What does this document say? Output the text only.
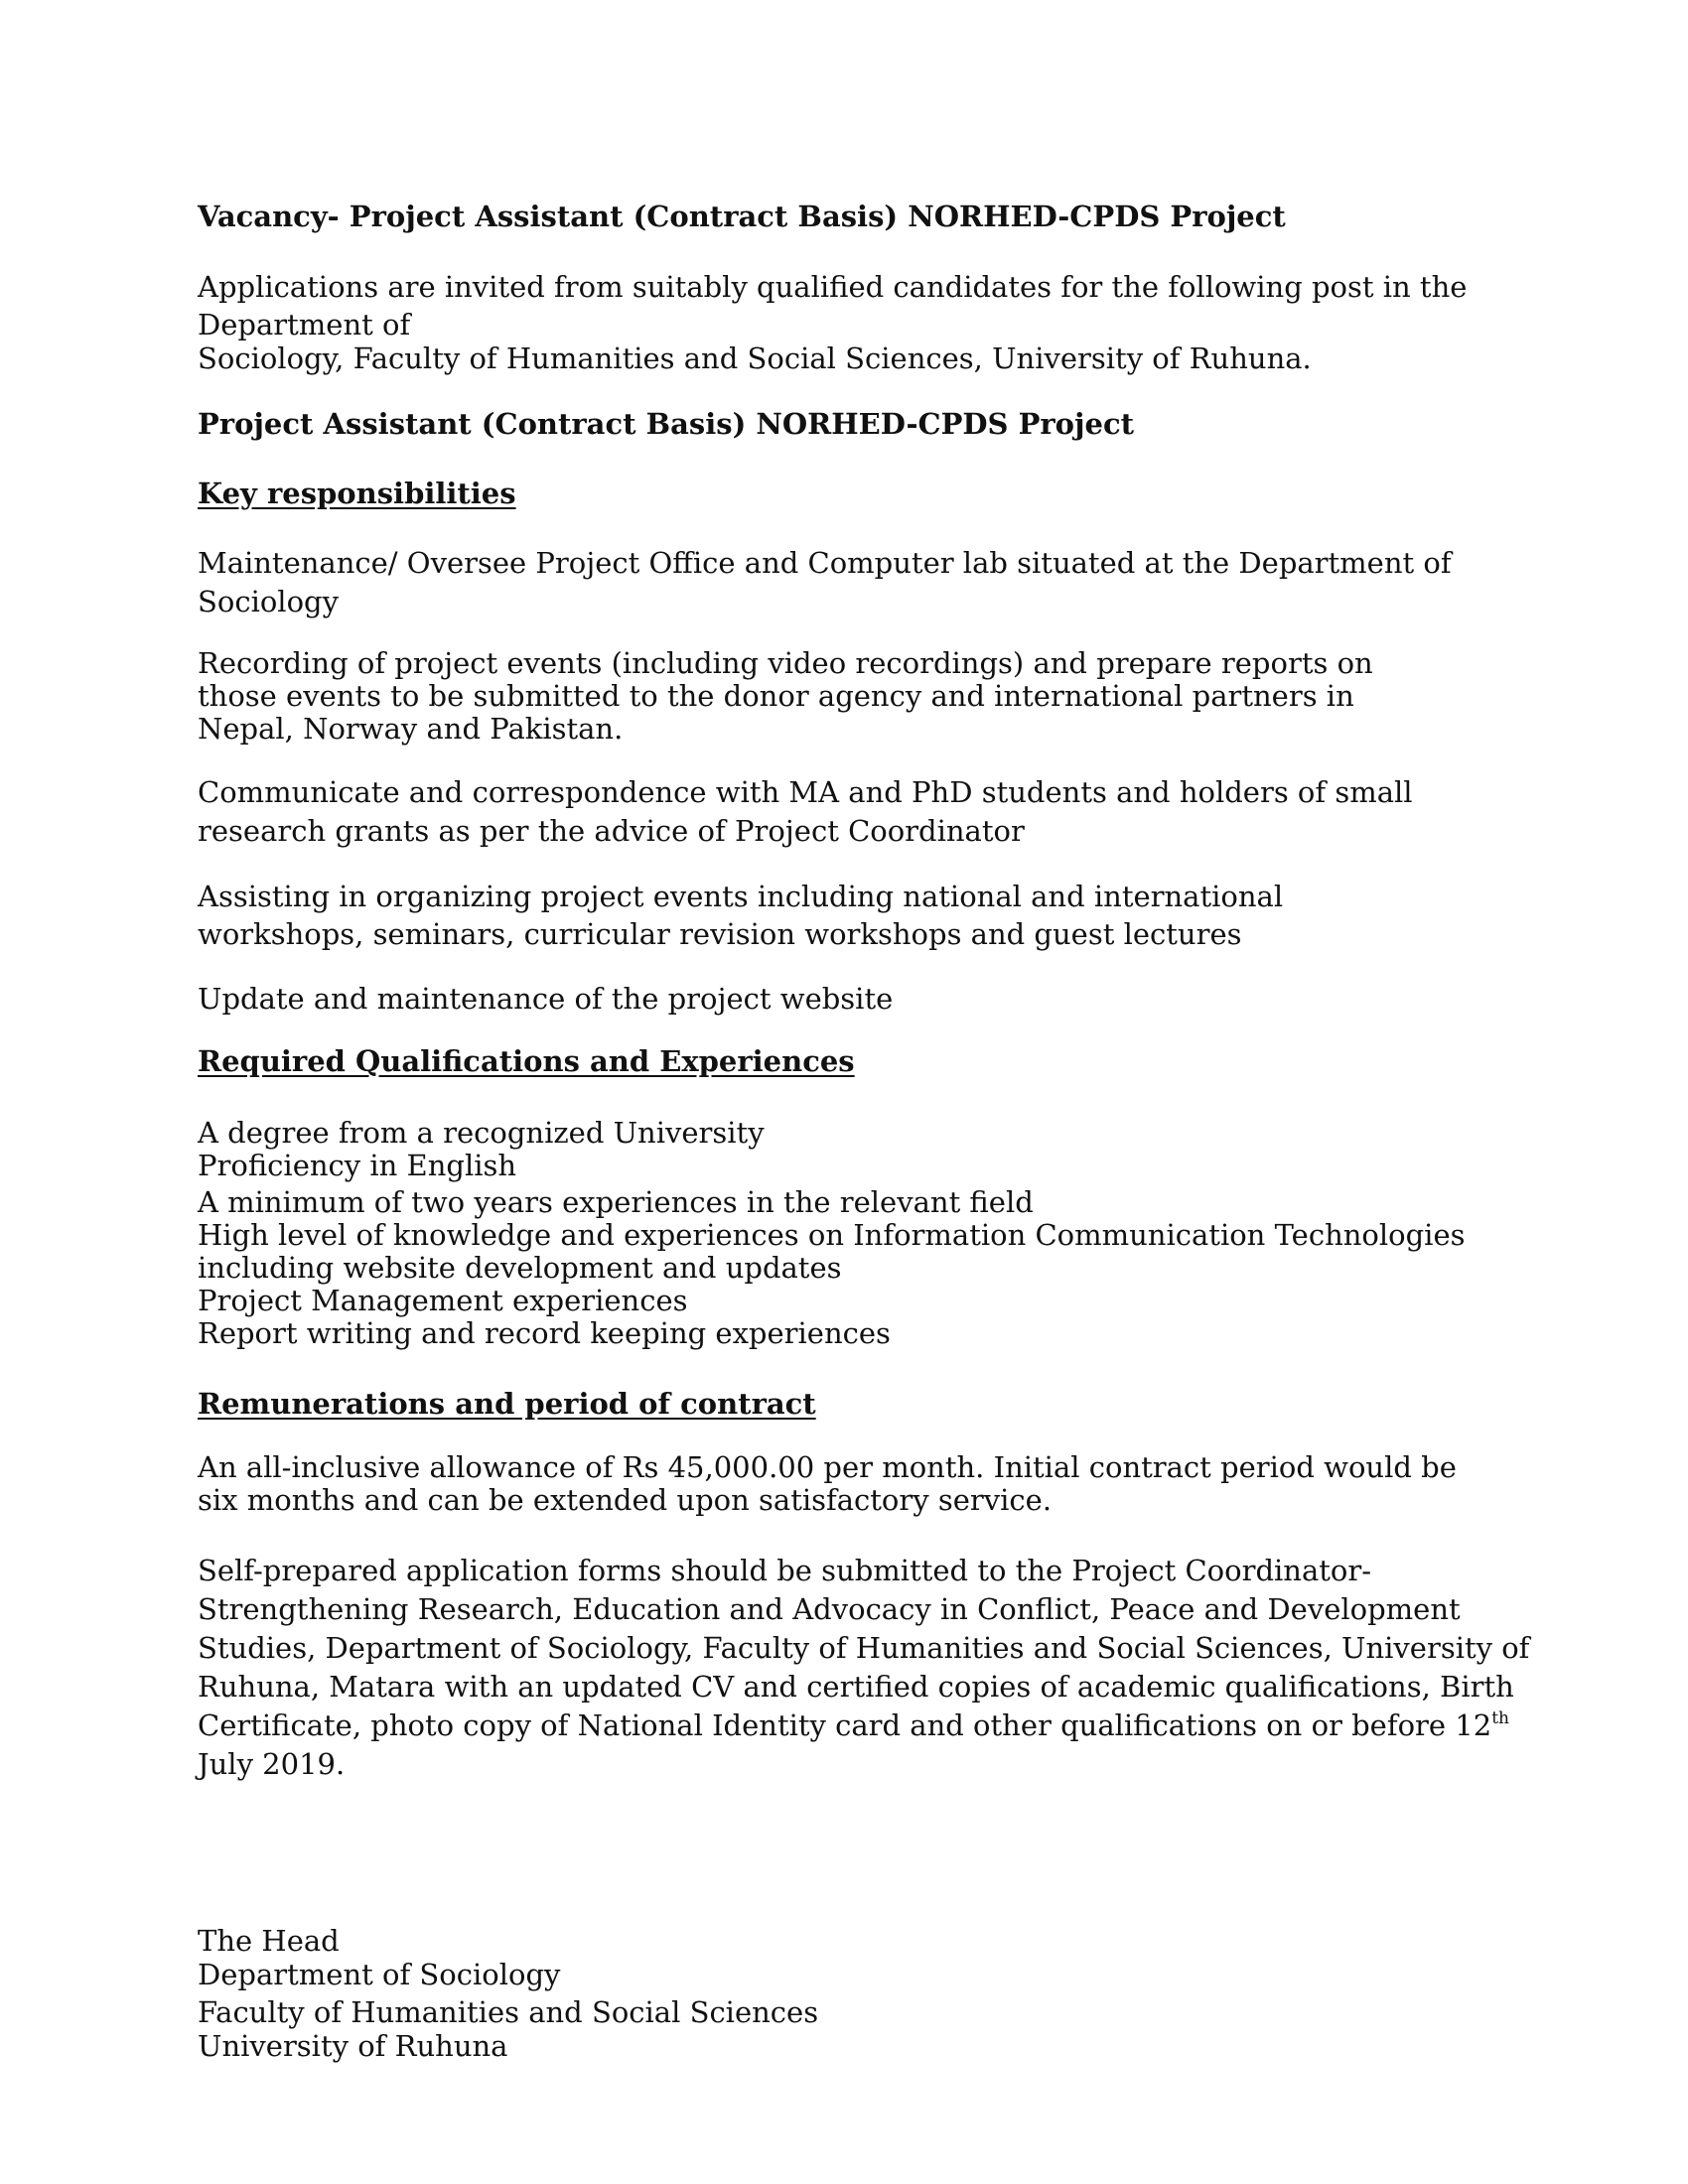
Vacancy- Project Assistant (Contract Basis) NORHED-CPDS Project
Applications are invited from suitably qualified candidates for the following post in the
Department of
Sociology, Faculty of Humanities and Social Sciences, University of Ruhuna.
Project Assistant (Contract Basis) NORHED-CPDS Project
Key responsibilities
Maintenance/ Oversee Project Office and Computer lab situated at the Department of
Sociology
Recording of project events (including video recordings) and prepare reports on
those events to be submitted to the donor agency and international partners in
Nepal, Norway and Pakistan.
Communicate and correspondence with MA and PhD students and holders of small
research grants as per the advice of Project Coordinator
Assisting in organizing project events including national and international
workshops, seminars, curricular revision workshops and guest lectures
Update and maintenance of the project website
Required Qualifications and Experiences
A degree from a recognized University
Proficiency in English
A minimum of two years experiences in the relevant field
High level of knowledge and experiences on Information Communication Technologies
including website development and updates
Project Management experiences
Report writing and record keeping experiences
Remunerations and period of contract
An all-inclusive allowance of Rs 45,000.00 per month. Initial contract period would be
six months and can be extended upon satisfactory service.
Self-prepared application forms should be submitted to the Project Coordinator-
Strengthening Research, Education and Advocacy in Conflict, Peace and Development
Studies, Department of Sociology, Faculty of Humanities and Social Sciences, University of
Ruhuna, Matara with an updated CV and certified copies of academic qualifications, Birth
Certificate, photo copy of National Identity card and other qualifications on or before 12th
July 2019.
The Head
Department of Sociology
Faculty of Humanities and Social Sciences
University of Ruhuna
